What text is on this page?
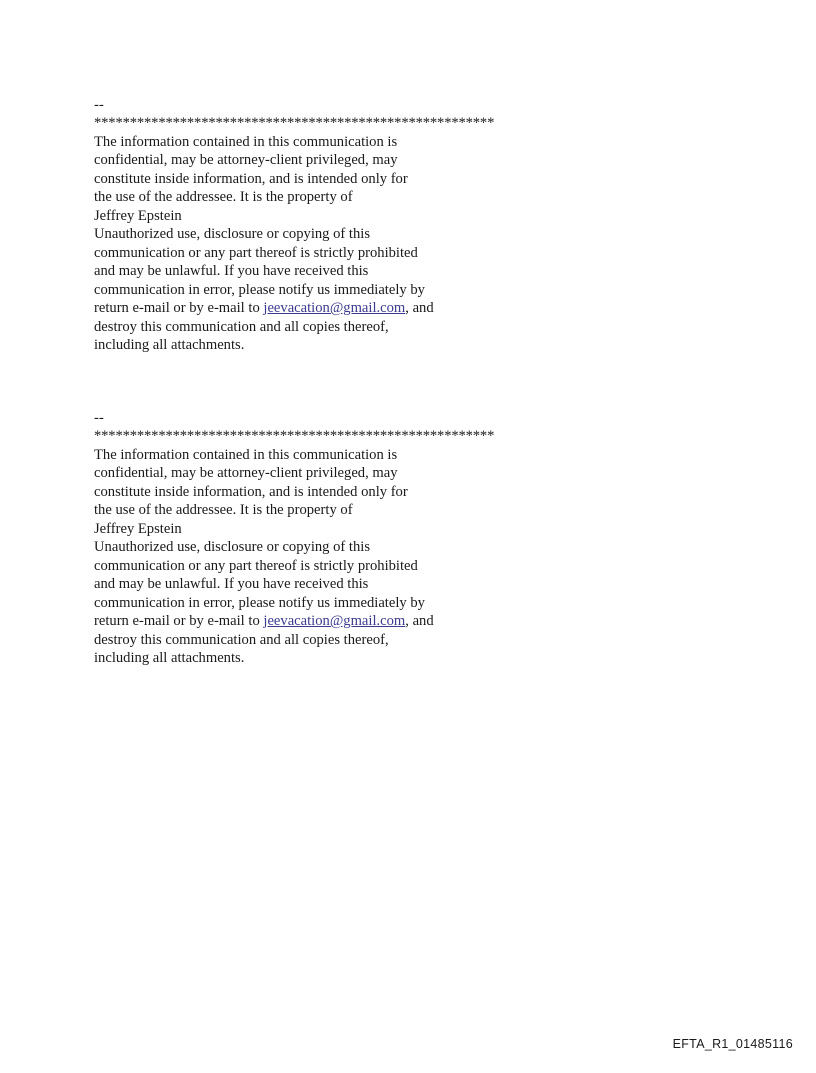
--
********************************************************
The information contained in this communication is
confidential, may be attorney-client privileged, may
constitute inside information, and is intended only for
the use of the addressee. It is the property of
Jeffrey Epstein
Unauthorized use, disclosure or copying of this
communication or any part thereof is strictly prohibited
and may be unlawful. If you have received this
communication in error, please notify us immediately by
return e-mail or by e-mail to jeevacation@gmail.com, and
destroy this communication and all copies thereof,
including all attachments.
--
********************************************************
The information contained in this communication is
confidential, may be attorney-client privileged, may
constitute inside information, and is intended only for
the use of the addressee. It is the property of
Jeffrey Epstein
Unauthorized use, disclosure or copying of this
communication or any part thereof is strictly prohibited
and may be unlawful. If you have received this
communication in error, please notify us immediately by
return e-mail or by e-mail to jeevacation@gmail.com, and
destroy this communication and all copies thereof,
including all attachments.
EFTA_R1_01485116
